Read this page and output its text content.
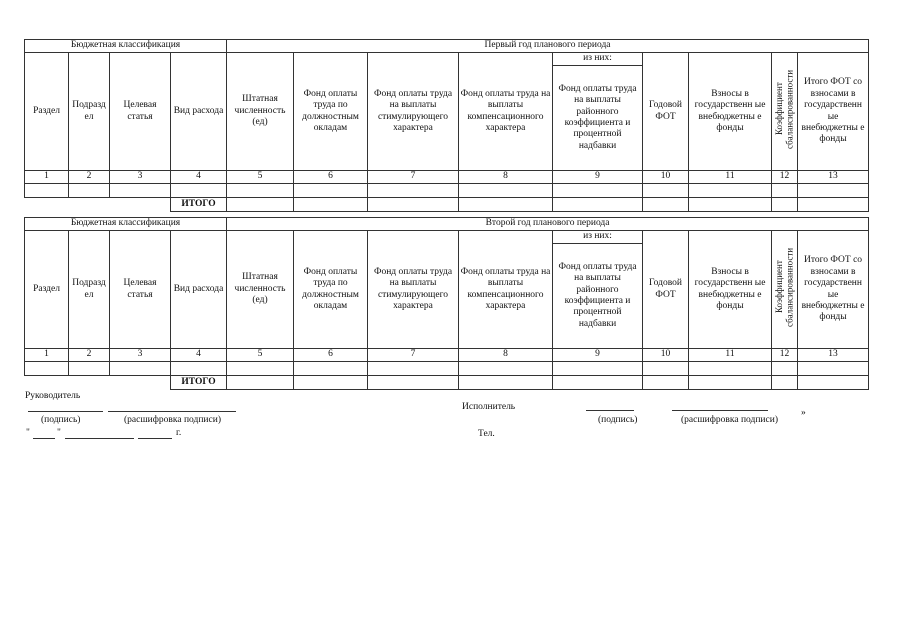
Бюджетная классификация				Первый год планового периода								
Раздел	Подразд ел	Целевая статья	Вид расхода	Штатная численность (ед)	Фонд оплаты труда по должностным окладам	Фонд оплаты труда на выплаты стимулирующего характера	Фонд оплаты труда на выплаты компенсационного характера	из них:	Годовой ФОТ	Взносы в государственн ые внебюджетны е фонды	Коэффициент сбалансированности	Итого ФОТ со взносами в государственн ые внебюджетны е фонды
								Фонд оплаты труда на выплаты районного коэффициента и процентной надбавки				
1	2	3	4	5	6	7	8	9	10	11	12	13

			ИТОГО									
Бюджетная классификация				Второй год планового периода								
Раздел	Подразд ел	Целевая статья	Вид расхода	Штатная численность (ед)	Фонд оплаты труда по должностным окладам	Фонд оплаты труда на выплаты стимулирующего характера	Фонд оплаты труда на выплаты компенсационного характера	из них:	Годовой ФОТ	Взносы в государственн ые внебюджетны е фонды	Коэффициент сбалансированности	Итого ФОТ со взносами в государственн ые внебюджетны е фонды
								Фонд оплаты труда на выплаты районного коэффициента и процентной надбавки				
1	2	3	4	5	6	7	8	9	10	11	12	13

			ИТОГО									
Руководитель
(подпись)	(расшифровка подписи)
"	"	г.
Исполнитель
»
(подпись)	(расшифровка подписи)
Тел.
